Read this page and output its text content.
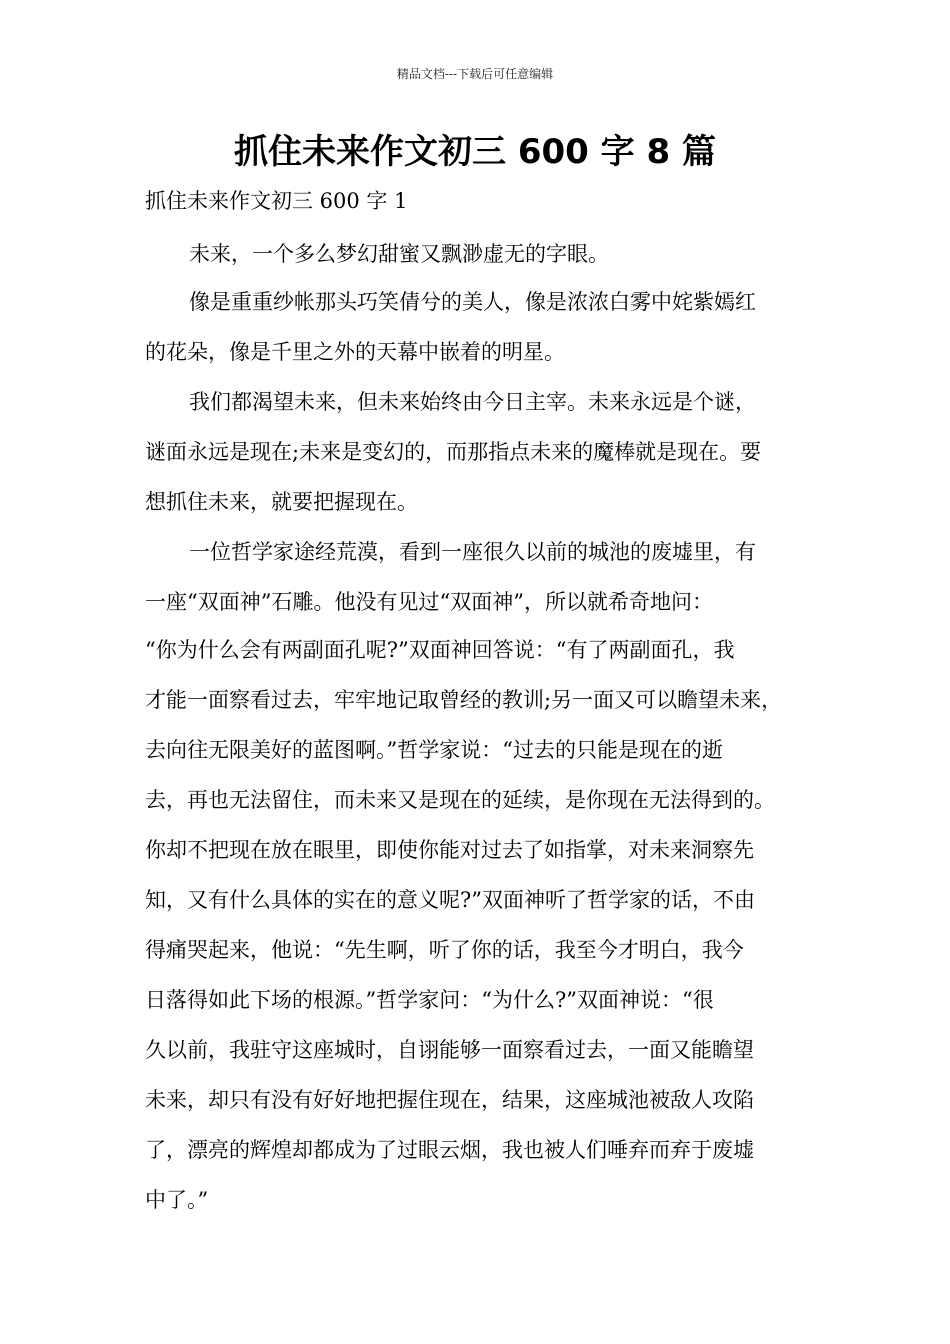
精品文档---下载后可任意编辑
抓住未来作文初三 600 字 8 篇
抓住未来作文初三 600 字 1

未来，一个多么梦幻甜蜜又飘渺虚无的字眼。

像是重重纱帐那头巧笑倩兮的美人，像是浓浓白雾中姹紫嫣红

的花朵，像是千里之外的天幕中嵌着的明星。

我们都渴望未来，但未来始终由今日主宰。未来永远是个谜，

谜面永远是现在;未来是变幻的，而那指点未来的魔棒就是现在。要

想抓住未来，就要把握现在。

一位哲学家途经荒漠，看到一座很久以前的城池的废墟里，有

一座“双面神”石雕。他没有见过“双面神”，所以就希奇地问：

“你为什么会有两副面孔呢?”双面神回答说：“有了两副面孔，我

才能一面察看过去，牢牢地记取曾经的教训;另一面又可以瞻望未来，

去向往无限美好的蓝图啊。”哲学家说：“过去的只能是现在的逝

去，再也无法留住，而未来又是现在的延续，是你现在无法得到的。

你却不把现在放在眼里，即使你能对过去了如指掌，对未来洞察先

知，又有什么具体的实在的意义呢?”双面神听了哲学家的话，不由

得痛哭起来，他说：“先生啊，听了你的话，我至今才明白，我今

日落得如此下场的根源。”哲学家问：“为什么?”双面神说：“很

久以前，我驻守这座城时，自诩能够一面察看过去，一面又能瞻望

未来，却只有没有好好地把握住现在，结果，这座城池被敌人攻陷

了，漂亮的辉煌却都成为了过眼云烟，我也被人们唾弃而弃于废墟

中了。”
